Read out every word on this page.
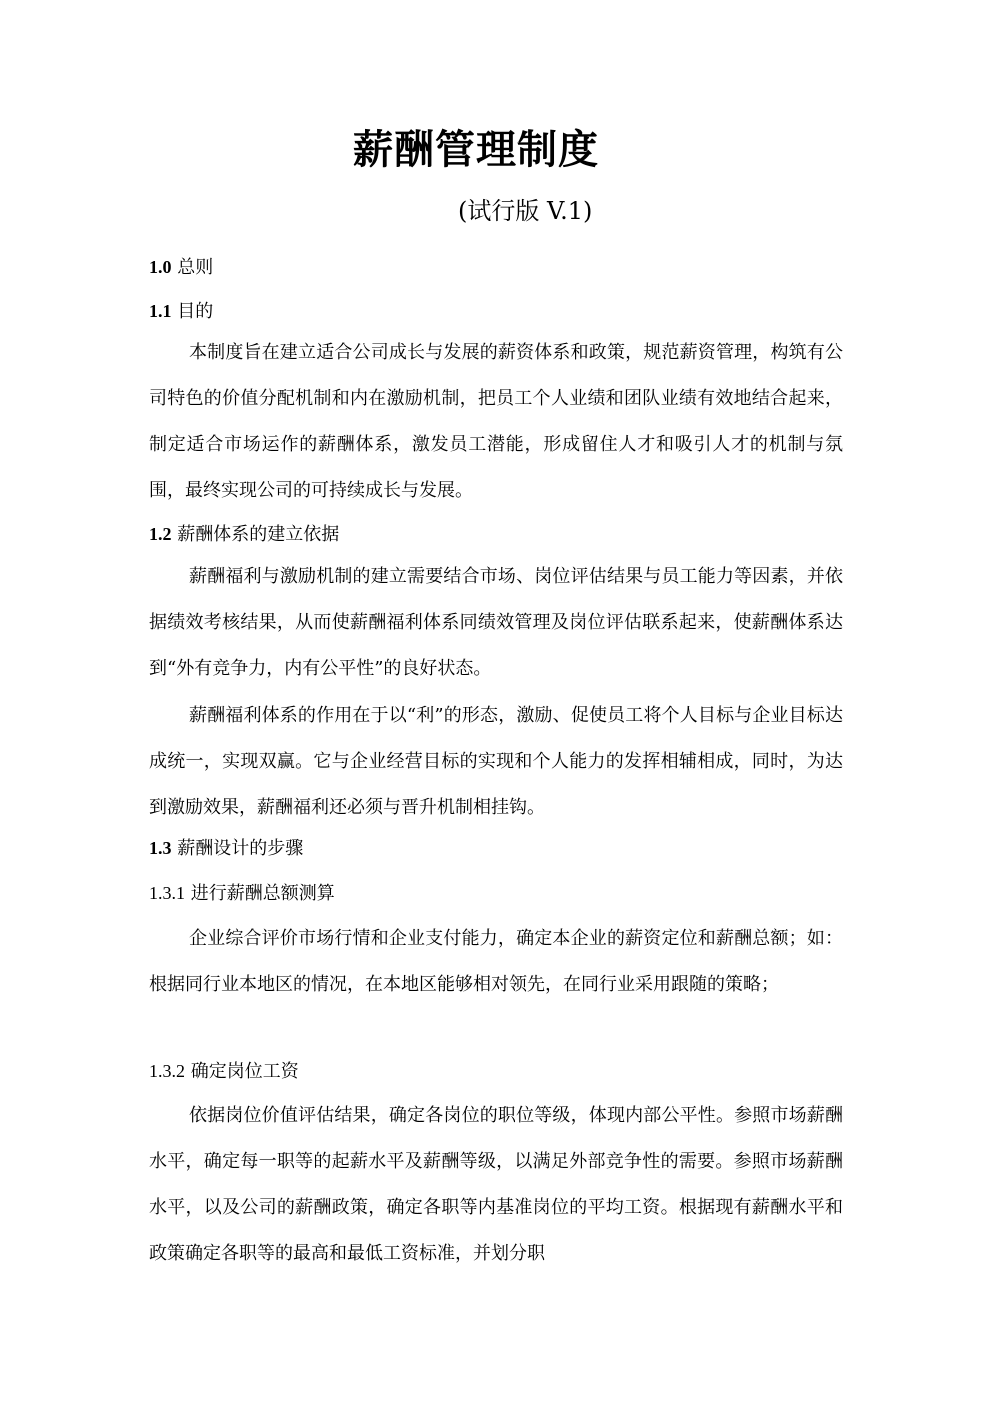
薪酬管理制度
(试行版 V.1)
1.0 总则
1.1 目的

本制度旨在建立适合公司成长与发展的薪资体系和政策，规范薪资管理，构筑有公司特色的价值分配机制和内在激励机制，把员工个人业绩和团队业绩有效地结合起来，制定适合市场运作的薪酬体系，激发员工潜能，形成留住人才和吸引人才的机制与氛围，最终实现公司的可持续成长与发展。

1.2 薪酬体系的建立依据

薪酬福利与激励机制的建立需要结合市场、岗位评估结果与员工能力等因素，并依据绩效考核结果，从而使薪酬福利体系同绩效管理及岗位评估联系起来，使薪酬体系达到“外有竞争力，内有公平性”的良好状态。

薪酬福利体系的作用在于以“利”的形态，激励、促使员工将个人目标与企业目标达成统一，实现双赢。它与企业经营目标的实现和个人能力的发挥相辅相成，同时，为达到激励效果，薪酬福利还必须与晋升机制相挂钩。

1.3 薪酬设计的步骤
1.3.1 进行薪酬总额测算

企业综合评价市场行情和企业支付能力，确定本企业的薪资定位和薪酬总额；如：根据同行业本地区的情况，在本地区能够相对领先，在同行业采用跟随的策略；

1.3.2 确定岗位工资

依据岗位价值评估结果，确定各岗位的职位等级，体现内部公平性。参照市场薪酬水平，确定每一职等的起薪水平及薪酬等级，以满足外部竞争性的需要。参照市场薪酬水平，以及公司的薪酬政策，确定各职等内基准岗位的平均工资。根据现有薪酬水平和政策确定各职等的最高和最低工资标准，并划分职
